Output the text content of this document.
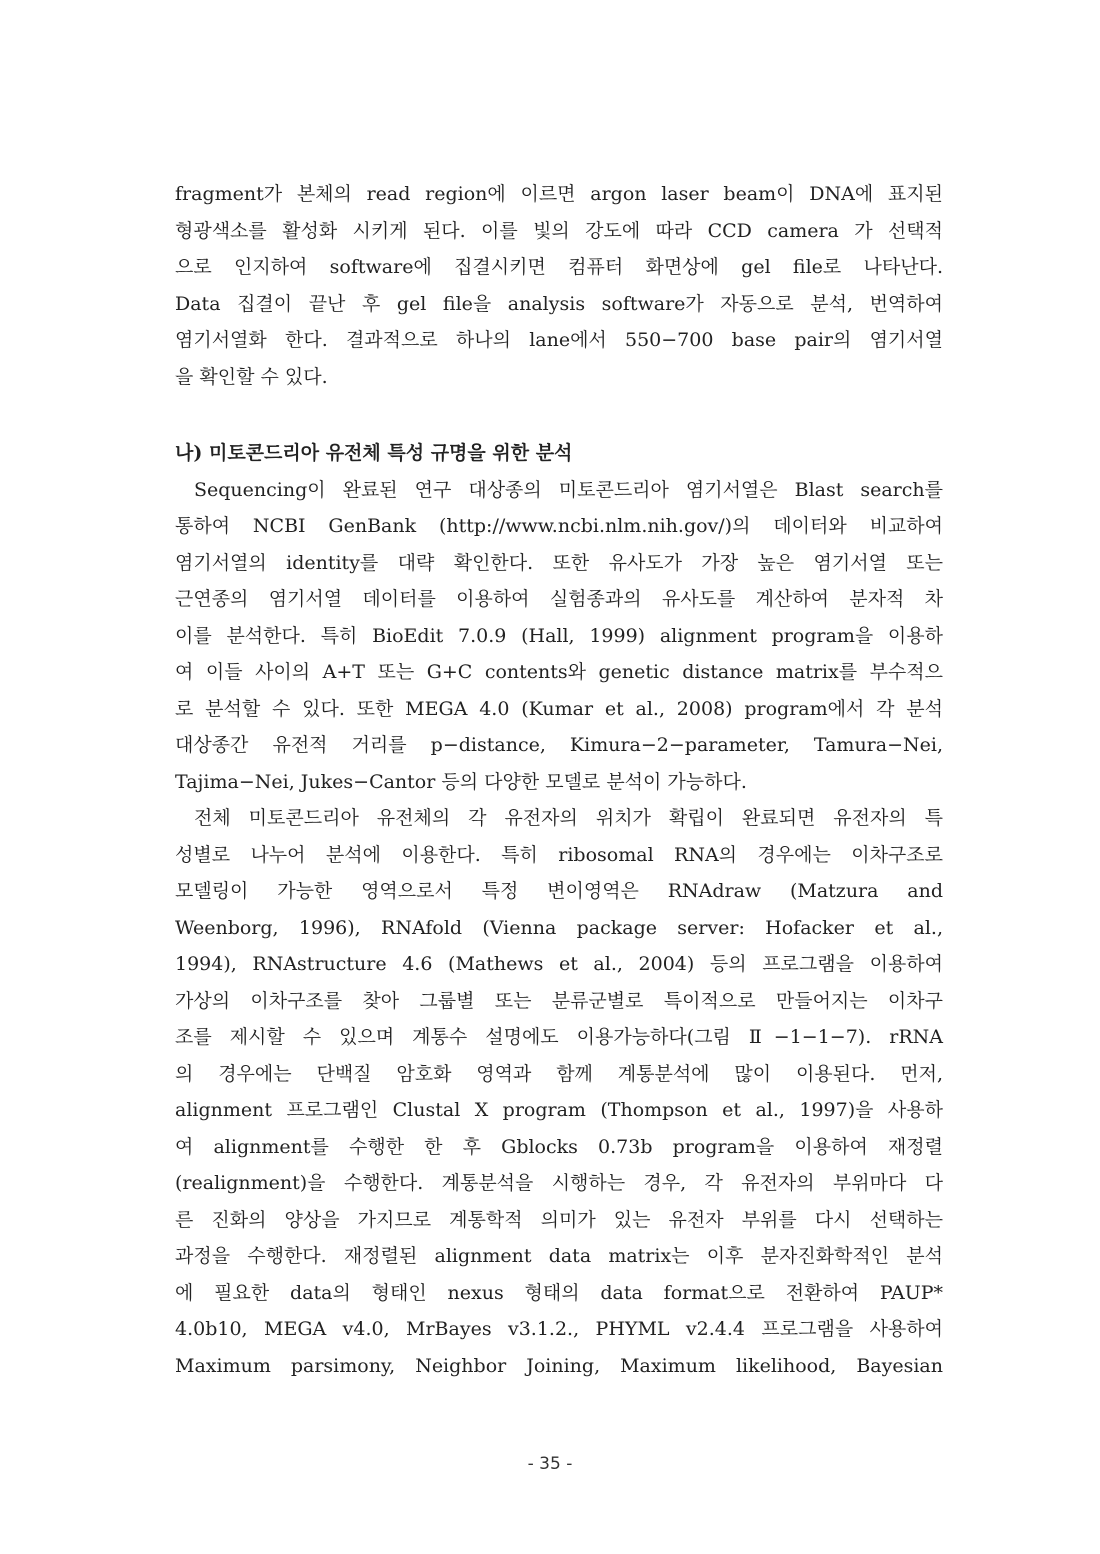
fragment가 본체의 read region에 이르면 argon laser beam이 DNA에 표지된
형광색소를 활성화 시키게 된다. 이를 빛의 강도에 따라 CCD camera 가 선택적
으로 인지하여 software에 집결시키면 컴퓨터 화면상에 gel file로 나타난다.
Data 집결이 끝난 후 gel file을 analysis software가 자동으로 분석, 번역하여
염기서열화 한다. 결과적으로 하나의 lane에서 550−700 base pair의 염기서열
을 확인할 수 있다.
나) 미토콘드리아 유전체 특성 규명을 위한 분석
Sequencing이 완료된 연구 대상종의 미토콘드리아 염기서열은 Blast search를
통하여 NCBI GenBank (http://www.ncbi.nlm.nih.gov/)의 데이터와 비교하여
염기서열의 identity를 대략 확인한다. 또한 유사도가 가장 높은 염기서열 또는
근연종의 염기서열 데이터를 이용하여 실험종과의 유사도를 계산하여 분자적 차
이를 분석한다. 특히 BioEdit 7.0.9 (Hall, 1999) alignment program을 이용하
여 이들 사이의 A+T 또는 G+C contents와 genetic distance matrix를 부수적으
로 분석할 수 있다. 또한 MEGA 4.0 (Kumar et al., 2008) program에서 각 분석
대상종간 유전적 거리를 p−distance, Kimura−2−parameter, Tamura−Nei,
Tajima−Nei, Jukes−Cantor 등의 다양한 모델로 분석이 가능하다.
전체 미토콘드리아 유전체의 각 유전자의 위치가 확립이 완료되면 유전자의 특
성별로 나누어 분석에 이용한다. 특히 ribosomal RNA의 경우에는 이차구조로
모델링이 가능한 영역으로서 특정 변이영역은 RNAdraw (Matzura and
Weenborg, 1996), RNAfold (Vienna package server: Hofacker et al.,
1994), RNAstructure 4.6 (Mathews et al., 2004) 등의 프로그램을 이용하여
가상의 이차구조를 찾아 그룹별 또는 분류군별로 특이적으로 만들어지는 이차구
조를 제시할 수 있으며 계통수 설명에도 이용가능하다(그림 Ⅱ−1−1−7). rRNA
의 경우에는 단백질 암호화 영역과 함께 계통분석에 많이 이용된다. 먼저,
alignment 프로그램인 Clustal X program (Thompson et al., 1997)을 사용하
여 alignment를 수행한 한 후 Gblocks 0.73b program을 이용하여 재정렬
(realignment)을 수행한다. 계통분석을 시행하는 경우, 각 유전자의 부위마다 다
른 진화의 양상을 가지므로 계통학적 의미가 있는 유전자 부위를 다시 선택하는
과정을 수행한다. 재정렬된 alignment data matrix는 이후 분자진화학적인 분석
에 필요한 data의 형태인 nexus 형태의 data format으로 전환하여 PAUP*
4.0b10, MEGA v4.0, MrBayes v3.1.2., PHYML v2.4.4 프로그램을 사용하여
Maximum parsimony, Neighbor Joining, Maximum likelihood, Bayesian
- 35 -
